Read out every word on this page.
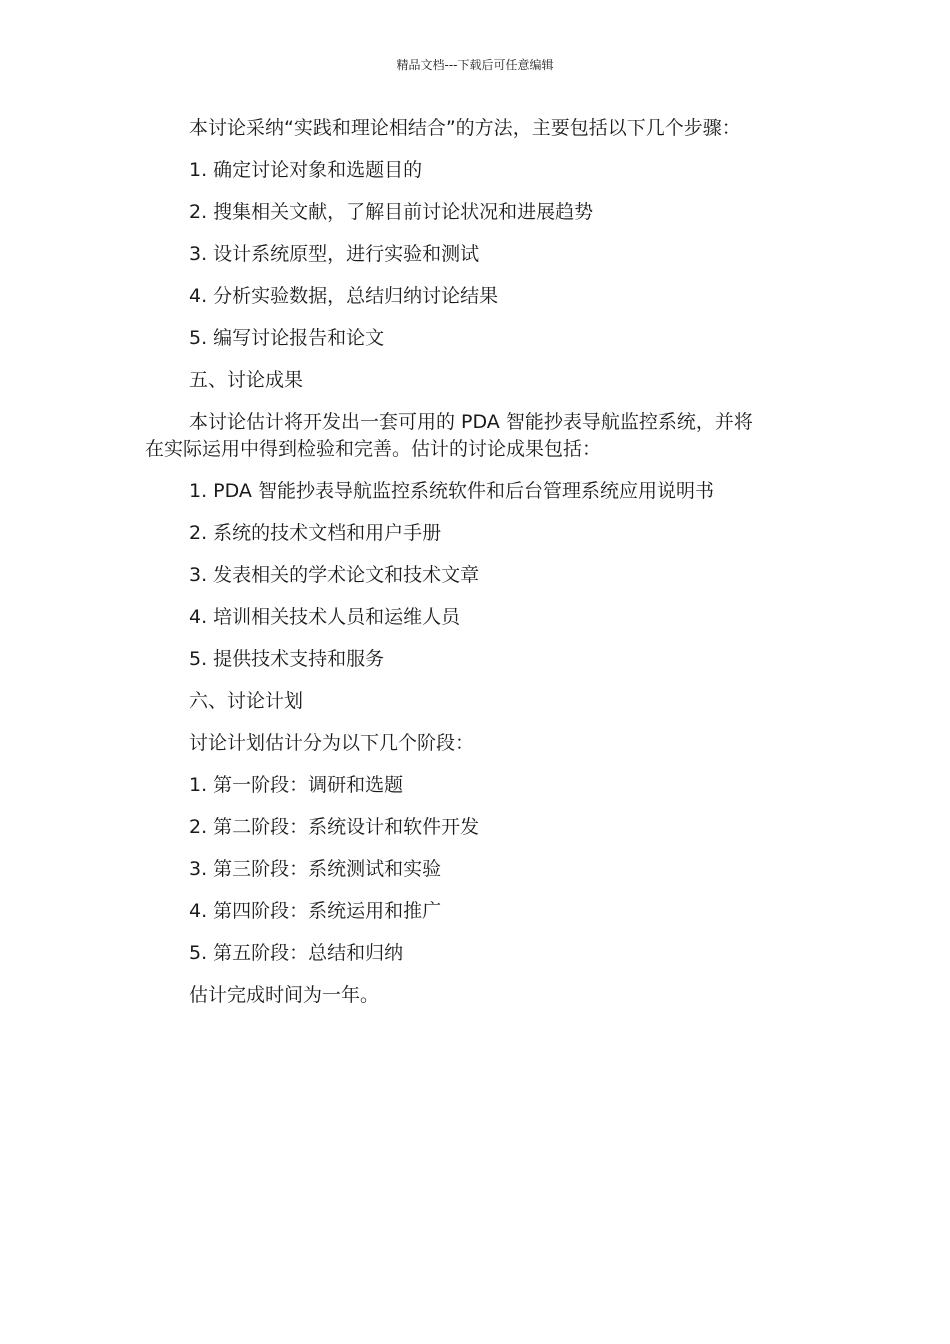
精品文档---下载后可任意编辑

本讨论采纳“实践和理论相结合”的方法，主要包括以下几个步骤：

1. 确定讨论对象和选题目的

2. 搜集相关文献，了解目前讨论状况和进展趋势

3. 设计系统原型，进行实验和测试

4. 分析实验数据，总结归纳讨论结果

5. 编写讨论报告和论文

五、讨论成果

本讨论估计将开发出一套可用的 PDA 智能抄表导航监控系统，并将
在实际运用中得到检验和完善。估计的讨论成果包括：

1. PDA 智能抄表导航监控系统软件和后台管理系统应用说明书

2. 系统的技术文档和用户手册

3. 发表相关的学术论文和技术文章

4. 培训相关技术人员和运维人员

5. 提供技术支持和服务

六、讨论计划

讨论计划估计分为以下几个阶段：

1. 第一阶段：调研和选题

2. 第二阶段：系统设计和软件开发

3. 第三阶段：系统测试和实验

4. 第四阶段：系统运用和推广

5. 第五阶段：总结和归纳

估计完成时间为一年。
